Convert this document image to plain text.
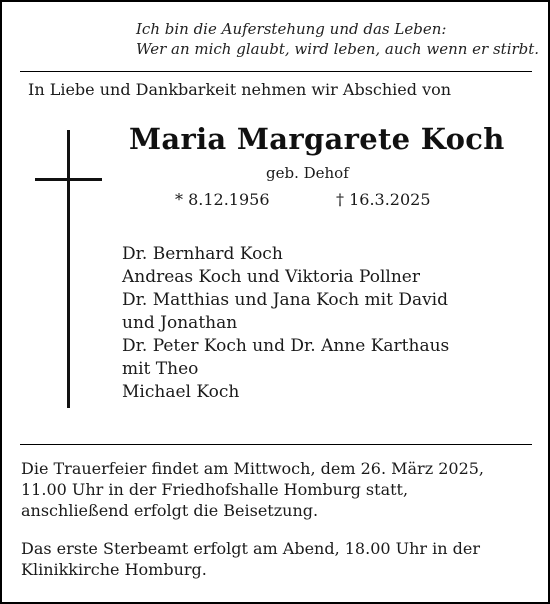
Ich bin die Auferstehung und das Leben:
Wer an mich glaubt, wird leben, auch wenn er stirbt.
In Liebe und Dankbarkeit nehmen wir Abschied von
Maria Margarete Koch
geb. Dehof
* 8.12.1956	† 16.3.2025
Dr. Bernhard Koch
Andreas Koch und Viktoria Pollner
Dr. Matthias und Jana Koch mit David
und Jonathan
Dr. Peter Koch und Dr. Anne Karthaus
mit Theo
Michael Koch
Die Trauerfeier findet am Mittwoch, dem 26. März 2025,
11.00 Uhr in der Friedhofshalle Homburg statt,
anschließend erfolgt die Beisetzung.
Das erste Sterbeamt erfolgt am Abend, 18.00 Uhr in der
Klinikkirche Homburg.
